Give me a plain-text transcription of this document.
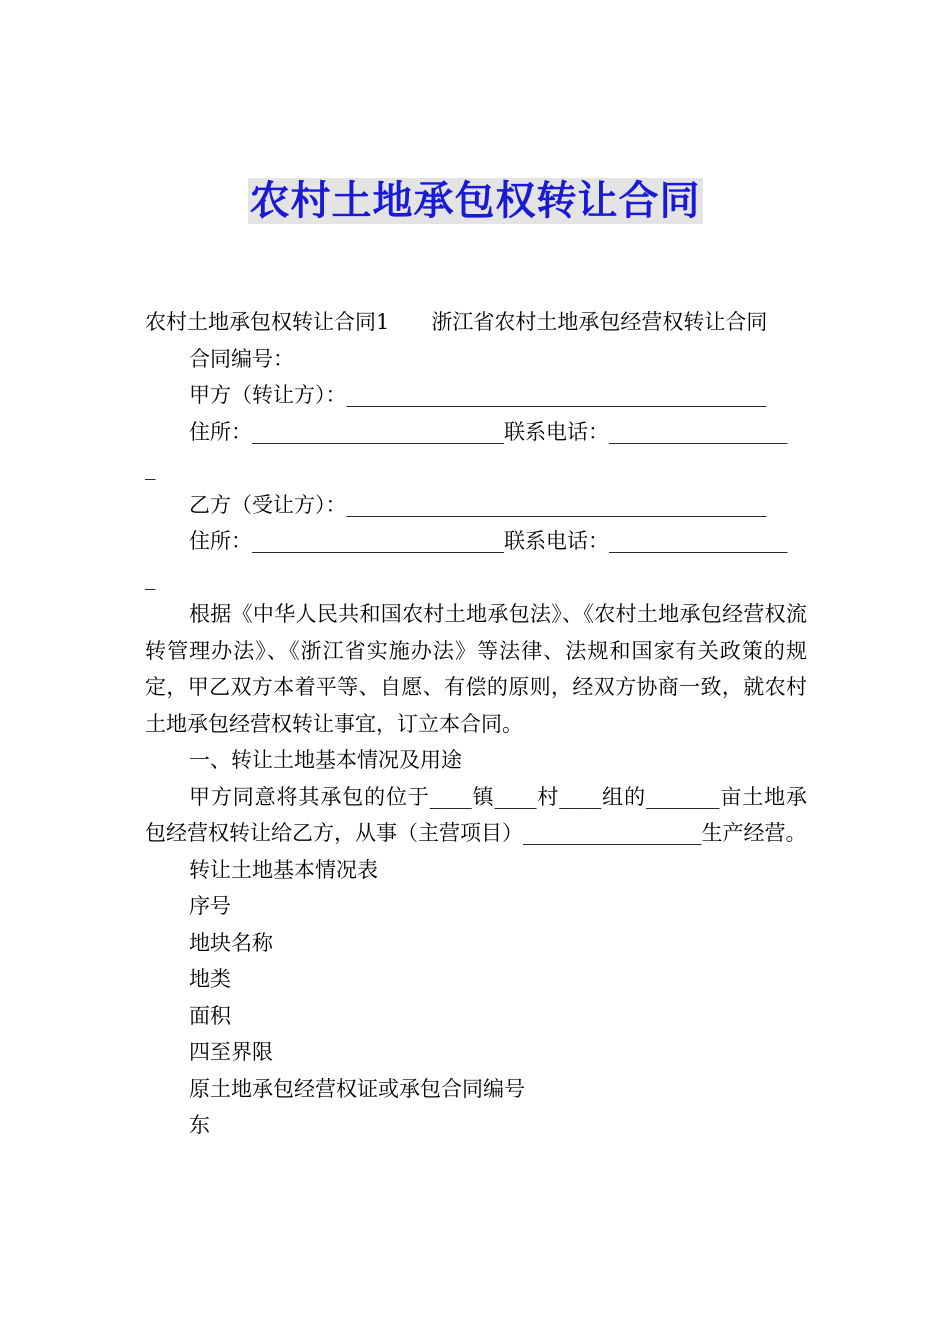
农村土地承包权转让合同

农村土地承包权转让合同1　　浙江省农村土地承包经营权转让合同

合同编号：

甲方（转让方）：________________________________________

住所：________________________联系电话：_________________

_

乙方（受让方）：________________________________________

住所：________________________联系电话：_________________

_

根据《中华人民共和国农村土地承包法》、《农村土地承包经营权流转管理办法》、《浙江省实施办法》等法律、法规和国家有关政策的规定，甲乙双方本着平等、自愿、有偿的原则，经双方协商一致，就农村土地承包经营权转让事宜，订立本合同。

一、转让土地基本情况及用途

甲方同意将其承包的位于____镇____村____组的_______亩土地承包经营权转让给乙方，从事（主营项目）_________________生产经营。

转让土地基本情况表

序号

地块名称

地类

面积

四至界限

原土地承包经营权证或承包合同编号

东
